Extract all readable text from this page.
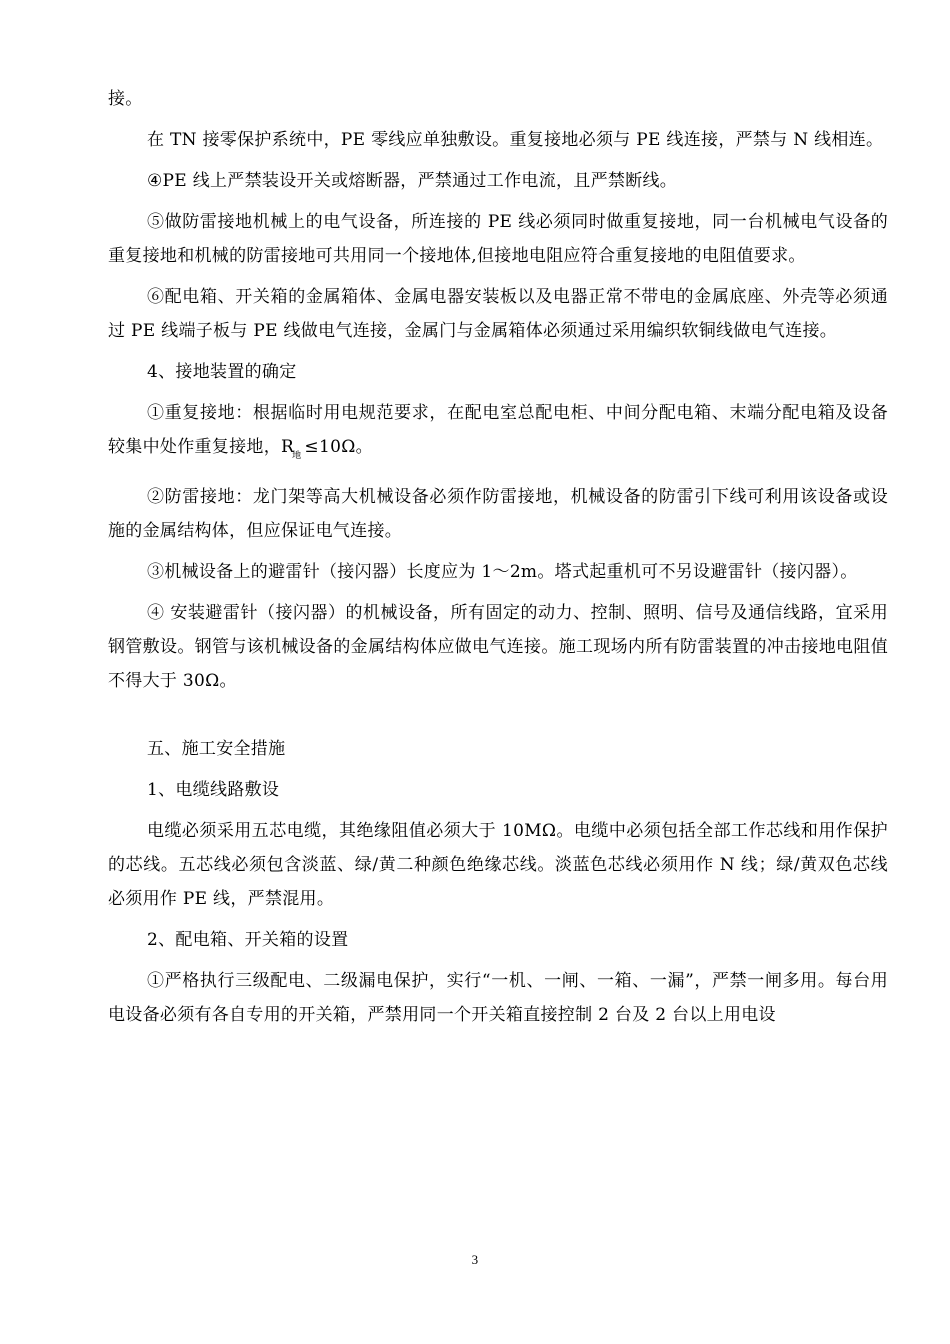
接。

在 TN 接零保护系统中，PE 零线应单独敷设。重复接地必须与 PE 线连接，严禁与 N 线相连。

④PE 线上严禁装设开关或熔断器，严禁通过工作电流，且严禁断线。

⑤做防雷接地机械上的电气设备，所连接的 PE 线必须同时做重复接地，同一台机械电气设备的重复接地和机械的防雷接地可共用同一个接地体,但接地电阻应符合重复接地的电阻值要求。

⑥配电箱、开关箱的金属箱体、金属电器安装板以及电器正常不带电的金属底座、外壳等必须通过 PE 线端子板与 PE 线做电气连接，金属门与金属箱体必须通过采用编织软铜线做电气连接。

4、接地装置的确定

①重复接地：根据临时用电规范要求，在配电室总配电柜、中间分配电箱、末端分配电箱及设备较集中处作重复接地，$R_地 \le 10\Omega$。

②防雷接地：龙门架等高大机械设备必须作防雷接地，机械设备的防雷引下线可利用该设备或设施的金属结构体，但应保证电气连接。

③机械设备上的避雷针（接闪器）长度应为 1～2m。塔式起重机可不另设避雷针（接闪器）。

④ 安装避雷针（接闪器）的机械设备，所有固定的动力、控制、照明、信号及通信线路，宜采用钢管敷设。钢管与该机械设备的金属结构体应做电气连接。施工现场内所有防雷装置的冲击接地电阻值不得大于 30Ω。

五、施工安全措施

1、电缆线路敷设

电缆必须采用五芯电缆，其绝缘阻值必须大于 10MΩ。电缆中必须包括全部工作芯线和用作保护的芯线。五芯线必须包含淡蓝、绿/黄二种颜色绝缘芯线。淡蓝色芯线必须用作 N 线；绿/黄双色芯线必须用作 PE 线，严禁混用。

2、配电箱、开关箱的设置

①严格执行三级配电、二级漏电保护，实行“一机、一闸、一箱、一漏”，严禁一闸多用。每台用电设备必须有各自专用的开关箱，严禁用同一个开关箱直接控制 2 台及 2 台以上用电设

3
